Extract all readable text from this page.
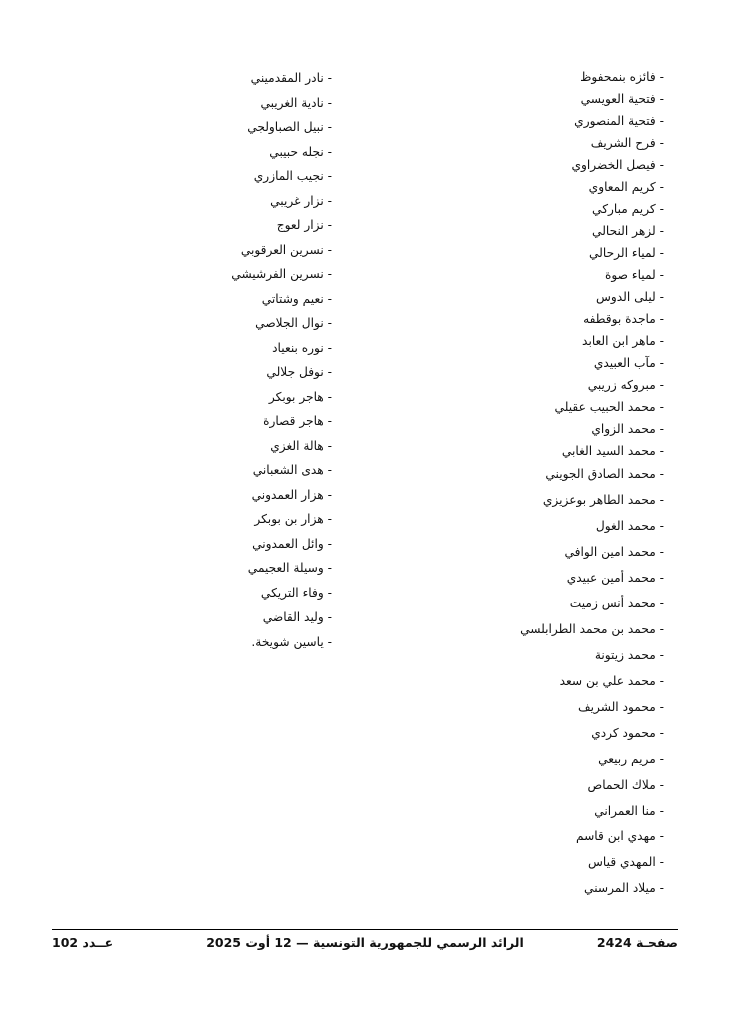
- فائزه بنمحفوظ
- فتحية العويسي
- فتحية المنصوري
- فرح الشريف
- فيصل الخضراوي
- كريم المعاوي
- كريم مباركي
- لزهر النحالي
- لمياء الرحالي
- لمياء صوة
- ليلى الدوس
- ماجدة بوقطفه
- ماهر ابن العابد
- مآب العبيدي
- مبروكه زريبي
- محمد الحبيب عقيلي
- محمد الزواي
- محمد السيد الغابي
- محمد الصادق الجويني
- محمد الطاهر بوعزيزي
- محمد الغول
- محمد امين الوافي
- محمد أمين عبيدي
- محمد أنس زميت
- محمد بن محمد الطرابلسي
- محمد زيتونة
- محمد علي بن سعد
- محمود الشريف
- محمود كردي
- مريم ربيعي
- ملاك الحماص
- منا العمراني
- مهدي ابن قاسم
- المهدي قياس
- ميلاد المرسني
- نادر المقدميني
- نادية الغريبي
- نبيل الصباولجي
- نجله حبيبي
- نجيب المازري
- نزار غريبي
- نزار لعوج
- نسرين العرقوبي
- نسرين الفرشيشي
- نعيم وشتاتي
- نوال الجلاصي
- نوره بنعياد
- نوفل جلالي
- هاجر بوبكر
- هاجر قصارة
- هالة الغزي
- هدى الشعباني
- هزار العمدوني
- هزار بن بوبكر
- وائل العمدوني
- وسيلة العجيمي
- وفاء التريكي
- وليد القاضي
- ياسين شويخة.
صفحـة 2424
الرائد الرسمي للجمهورية التونسية — 12 أوت 2025
عــدد 102
